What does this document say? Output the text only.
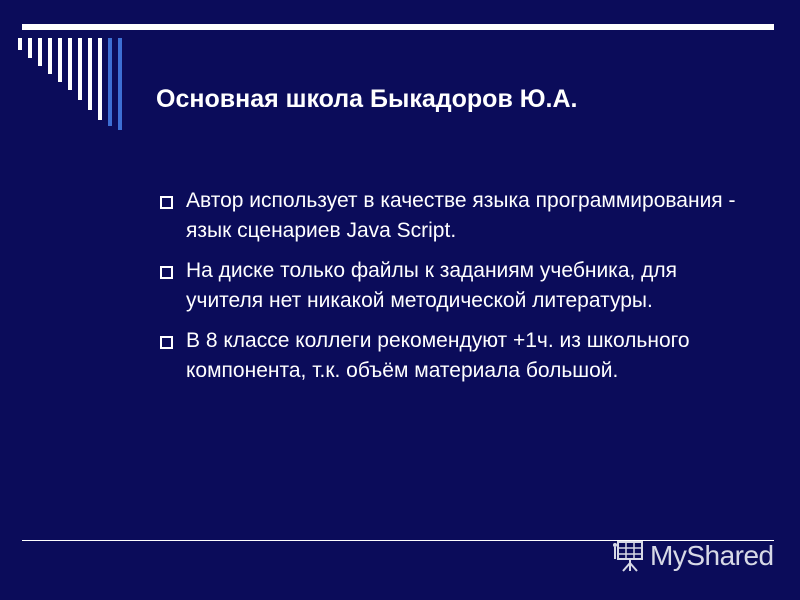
Основная школа Быкадоров Ю.А.
Автор использует в качестве языка программирования - язык сценариев Java Script.
На диске только файлы к заданиям учебника, для учителя нет никакой методической литературы.
В 8 классе коллеги рекомендуют +1ч. из школьного компонента, т.к. объём материала большой.
MyShared
